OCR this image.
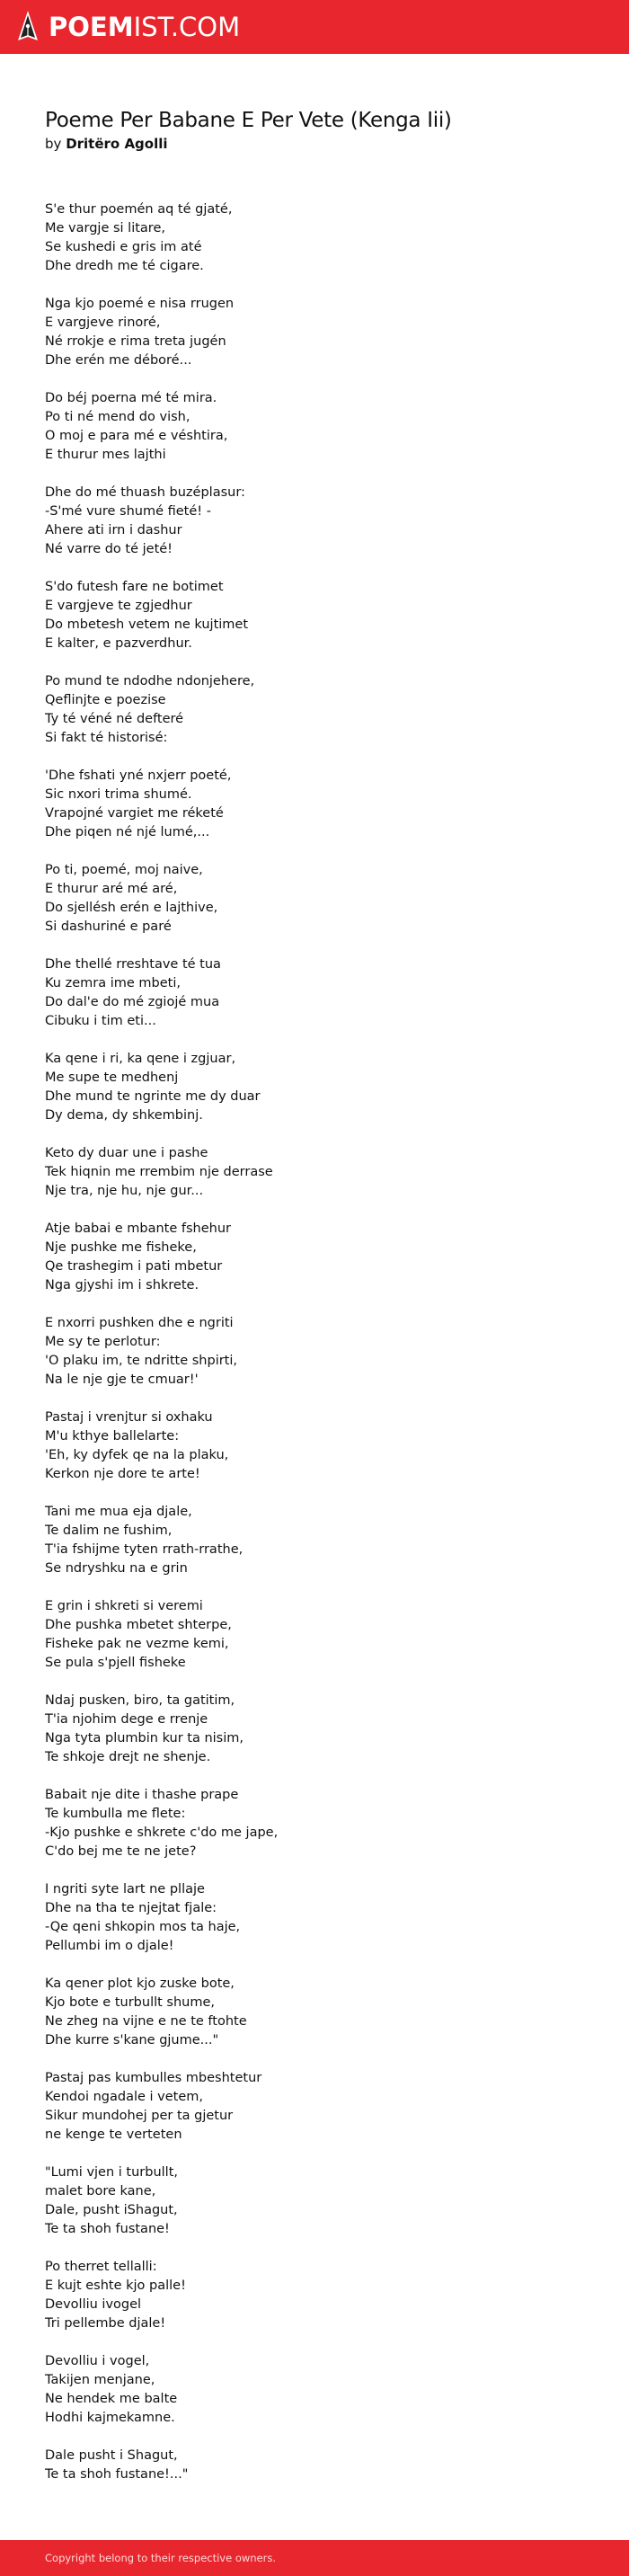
POEMIST.COM
Poeme Per Babane E Per Vete (Kenga Iii)
by Dritëro Agolli
S'e thur poemén aq té gjaté,
Me vargje si litare,
Se kushedi e gris im até
Dhe dredh me té cigare.
Nga kjo poemé e nisa rrugen
E vargjeve rinoré,
Né rrokje e rima treta jugén
Dhe erén me déboré...
Do béj poerna mé té mira.
Po ti né mend do vish,
O moj e para mé e véshtira,
E thurur mes lajthi
Dhe do mé thuash buzéplasur:
-S'mé vure shumé fieté! -
Ahere ati irn i dashur
Né varre do té jeté!
S'do futesh fare ne botimet
E vargjeve te zgjedhur
Do mbetesh vetem ne kujtimet
E kalter, e pazverdhur.
Po mund te ndodhe ndonjehere,
Qeflinjte e poezise
Ty té véné né defteré
Si fakt té historisé:
'Dhe fshati yné nxjerr poeté,
Sic nxori trima shumé.
Vrapojné vargiet me réketé
Dhe piqen né njé lumé,...
Po ti, poemé, moj naive,
E thurur aré mé aré,
Do sjellésh erén e lajthive,
Si dashuriné e paré
Dhe thellé rreshtave té tua
Ku zemra ime mbeti,
Do dal'e do mé zgiojé mua
Cibuku i tim eti...
Ka qene i ri, ka qene i zgjuar,
Me supe te medhenj
Dhe mund te ngrinte me dy duar
Dy dema, dy shkembinj.
Keto dy duar une i pashe
Tek hiqnin me rrembim nje derrase
Nje tra, nje hu, nje gur...
Atje babai e mbante fshehur
Nje pushke me fisheke,
Qe trashegim i pati mbetur
Nga gjyshi im i shkrete.
E nxorri pushken dhe e ngriti
Me sy te perlotur:
'O plaku im, te ndritte shpirti,
Na le nje gje te cmuar!'
Pastaj i vrenjtur si oxhaku
M'u kthye ballelarte:
'Eh, ky dyfek qe na la plaku,
Kerkon nje dore te arte!
Tani me mua eja djale,
Te dalim ne fushim,
T'ia fshijme tyten rrath-rrathe,
Se ndryshku na e grin
E grin i shkreti si veremi
Dhe pushka mbetet shterpe,
Fisheke pak ne vezme kemi,
Se pula s'pjell fisheke
Ndaj pusken, biro, ta gatitim,
T'ia njohim dege e rrenje
Nga tyta plumbin kur ta nisim,
Te shkoje drejt ne shenje.
Babait nje dite i thashe prape
Te kumbulla me flete:
-Kjo pushke e shkrete c'do me jape,
C'do bej me te ne jete?
I ngriti syte lart ne pllaje
Dhe na tha te njejtat fjale:
-Qe qeni shkopin mos ta haje,
Pellumbi im o djale!
Ka qener plot kjo zuske bote,
Kjo bote e turbullt shume,
Ne zheg na vijne e ne te ftohte
Dhe kurre s'kane gjume..."
Pastaj pas kumbulles mbeshtetur
Kendoi ngadale i vetem,
Sikur mundohej per ta gjetur
ne kenge te verteten
"Lumi vjen i turbullt,
malet bore kane,
Dale, pusht iShagut,
Te ta shoh fustane!
Po therret tellalli:
E kujt eshte kjo palle!
Devolliu ivogel
Tri pellembe djale!
Devolliu i vogel,
Takijen menjane,
Ne hendek me balte
Hodhi kajmekamne.
Dale pusht i Shagut,
Te ta shoh fustane!..."
Copyright belong to their respective owners.
